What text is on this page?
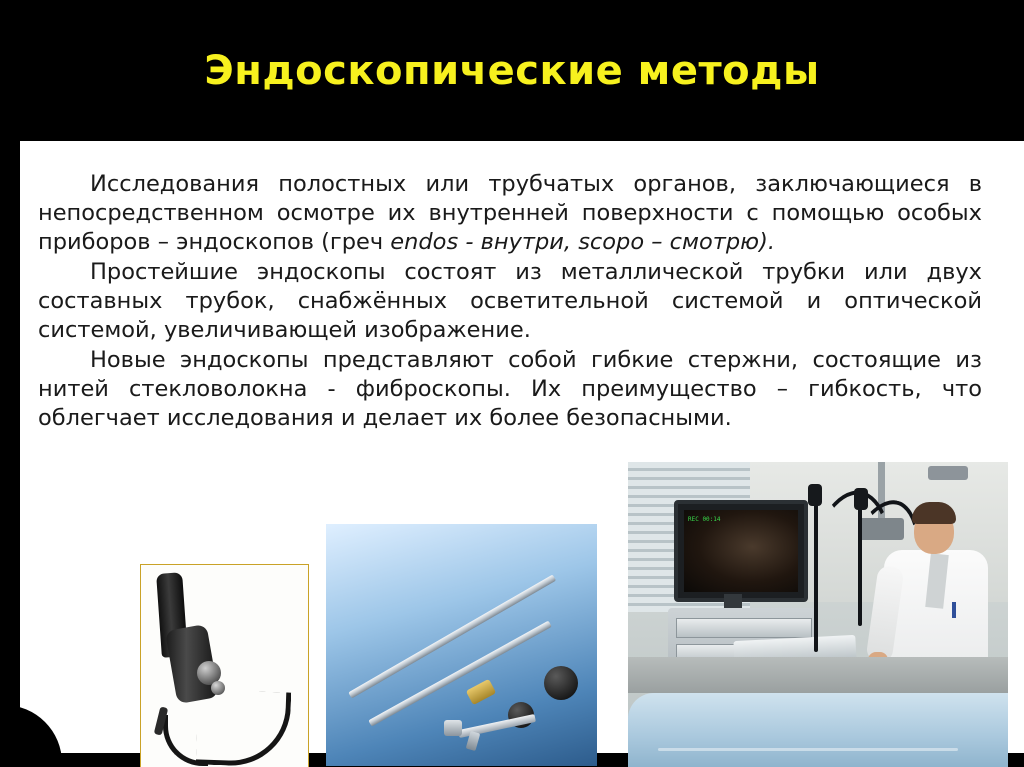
Эндоскопические методы

Исследования полостных или трубчатых органов, заключающиеся в непосредственном осмотре их внутренней поверхности с помощью особых приборов – эндоскопов (греч endos - внутри, scoро – смотрю).

Простейшие эндоскопы состоят из металлической трубки или двух составных трубок, снабжённых осветительной системой и оптической системой, увеличивающей изображение.

Новые эндоскопы представляют собой гибкие стержни, состоящие из нитей стекловолокна - фиброскопы. Их преимущество – гибкость, что облегчает исследования и делает их более безопасными.

REC 00:14
